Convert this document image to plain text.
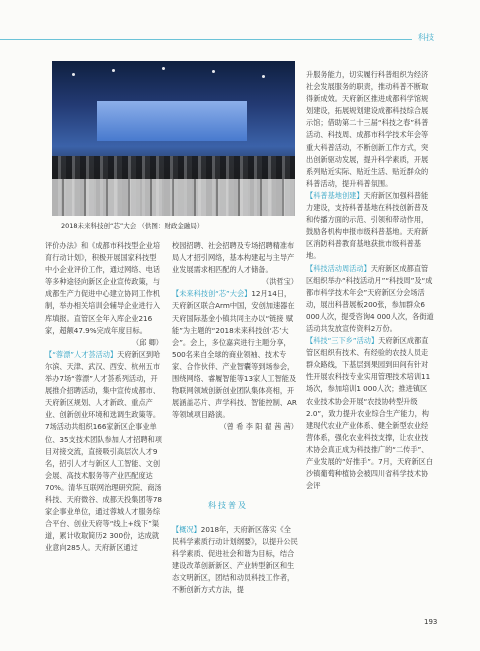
科技
2018未来科技创“芯”大会 （供图：财政金融局）

评价办法》和《成都市科技型企业培育行动计划》，积极开展国家科技型中小企业评价工作，通过网络、电话等多种途径向新区企业宣传政策，与成都生产力促进中心建立协同工作机制，举办相关培训会辅导企业进行入库填报。直管区全年入库企业216家，超额47.9%完成年度目标。

（邱 卿）

【“蓉漂”人才荟活动】天府新区到哈尔滨、天津、武汉、西安、杭州五市举办7场“蓉漂”人才荟系列活动，开展推介招聘活动，集中宣传成都市、天府新区规划、人才新政、重点产业、创新创业环境和选调生政策等。7场活动共组织166家新区企事业单位、35支技术团队参加人才招聘和项目对接交流，直接吸引高层次人才9名，招引人才与新区人工智能、文创会展、高技术服务等产业匹配度达70%。清华互联网治理研究院、商汤科技、天府微谷、成都天投集团等78家企事业单位，通过蓉城人才服务综合平台、创业天府等“线上+线下”渠道，累计收取简历2 300份，达成就业意向285人。天府新区通过

校园招聘、社会招聘及专场招聘精准布局人才招引网络，基本构建起与主导产业发展需求相匹配的人才储备。

（洪哲宝）

【未来科技创“芯”大会】12月14日，天府新区联合Arm中国，安创加速器在天府国际基金小镇共同主办以“链接 赋能”为主题的“2018未来科技创‘芯’大会”。会上，多位嘉宾进行主题分享，500名来自全球的商业领袖、技术专家、合作伙伴、产业智囊等到场参会，围绕网络、睿履智能等13家人工智能及物联网领域创新创业团队集体亮相，开展涵盖芯片、声学科技、智能控制、AR等领域项目路演。

（曾 希 李 阳 翟 茜 茜）

科技普及

【概况】2018年，天府新区落实《全民科学素质行动计划纲要》，以提升公民科学素质、促进社会和谐为目标，结合建设改革创新新区、产业转型新区和生态文明新区，团结和动员科技工作者，不断创新方式方法，提

升服务能力，切实履行科普组织为经济社会发展服务的职责，推动科普不断取得新成效。天府新区推进成都科学馆规划建设，拓展规划建设成都科技综合展示馆；借助第二十三届“科技之春”科普活动、科技周、成都市科学技术年会等重大科普活动，不断创新工作方式，突出创新驱动发展，提升科学素质，开展系列贴近实际、贴近生活、贴近群众的科普活动，提升科普氛围。

【科普基地创建】天府新区加强科普能力建设，支持科普基地在科技创新普及和传播方面的示范、引领和带动作用，鼓励各机构申报市级科普基地。天府新区消防科普教育基地获批市级科普基地。

【科技活动周活动】天府新区成都直管区组织举办“科技活动月”“科技周”及“成都市科学技术年会”天府新区分会场活动，展出科普展板200张，参加群众6 000人次，提受咨询4 000人次，各街道活动共发放宣传资料2万份。

【科技“三下乡”活动】天府新区成都直管区组织有技术、有经验的农技人员走群众路线，下基层到果园到田间有针对性开展农科技专业实用管理技术培训11场次，参加培训1 000人次；推进镇区农业技术协会开展“农技协转型升级2.0”，致力提升农业综合生产能力，构建现代农业产业体系、健全新型农业经营体系，强化农业科技支撑，让农业技术协会真正成为科技推广的“二传手”、产业发展的“好推手”。7月，天府新区白沙镇葡萄种植协会被四川省科学技术协会评

193
